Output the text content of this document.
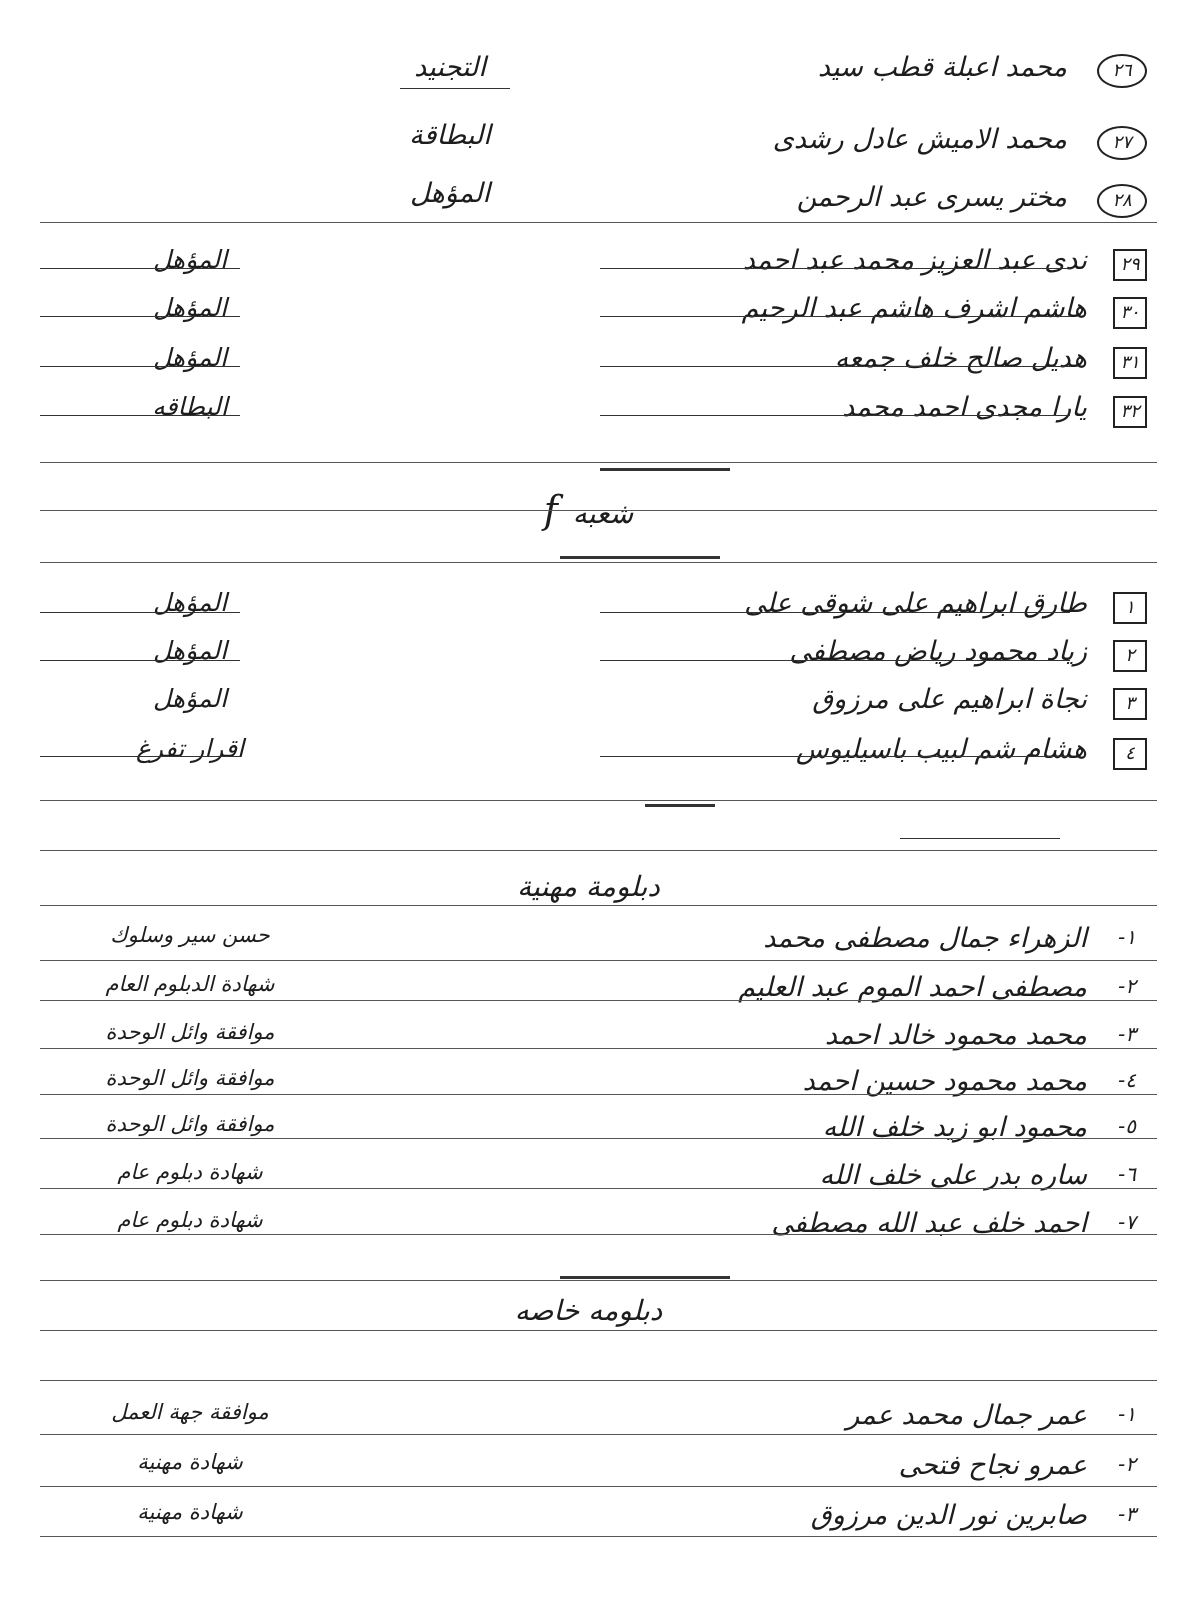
٢٦
محمد اعبلة قطب سيد
التجنيد
٢٧
محمد الاميش عادل رشدى
البطاقة
٢٨
مختر يسرى عبد الرحمن
المؤهل
٢٩
ندى عبد العزيز محمد عبد احمد
المؤهل
٣٠
هاشم اشرف هاشم عبد الرحيم
المؤهل
٣١
هديل صالح خلف جمعه
المؤهل
٣٢
يارا مجدى احمد محمد
البطاقه
شعبه f
١
طارق ابراهيم على شوقى على
المؤهل
٢
زياد محمود رياض مصطفى
المؤهل
٣
نجاة ابراهيم على مرزوق
المؤهل
٤
هشام شم لبيب باسيليوس
اقرار تفرغ
دبلومة مهنية
١-
الزهراء جمال مصطفى محمد
حسن سير وسلوك
٢-
مصطفى احمد الموم عبد العليم
شهادة الدبلوم العام
٣-
محمد محمود خالد احمد
موافقة وائل الوحدة
٤-
محمد محمود حسين احمد
موافقة وائل الوحدة
٥-
محمود ابو زيد خلف الله
موافقة وائل الوحدة
٦-
ساره بدر على خلف الله
شهادة دبلوم عام
٧-
احمد خلف عبد الله مصطفى
شهادة دبلوم عام
دبلومه خاصه
١-
عمر جمال محمد عمر
موافقة جهة العمل
٢-
عمرو نجاح فتحى
شهادة مهنية
٣-
صابرين نور الدين مرزوق
شهادة مهنية
